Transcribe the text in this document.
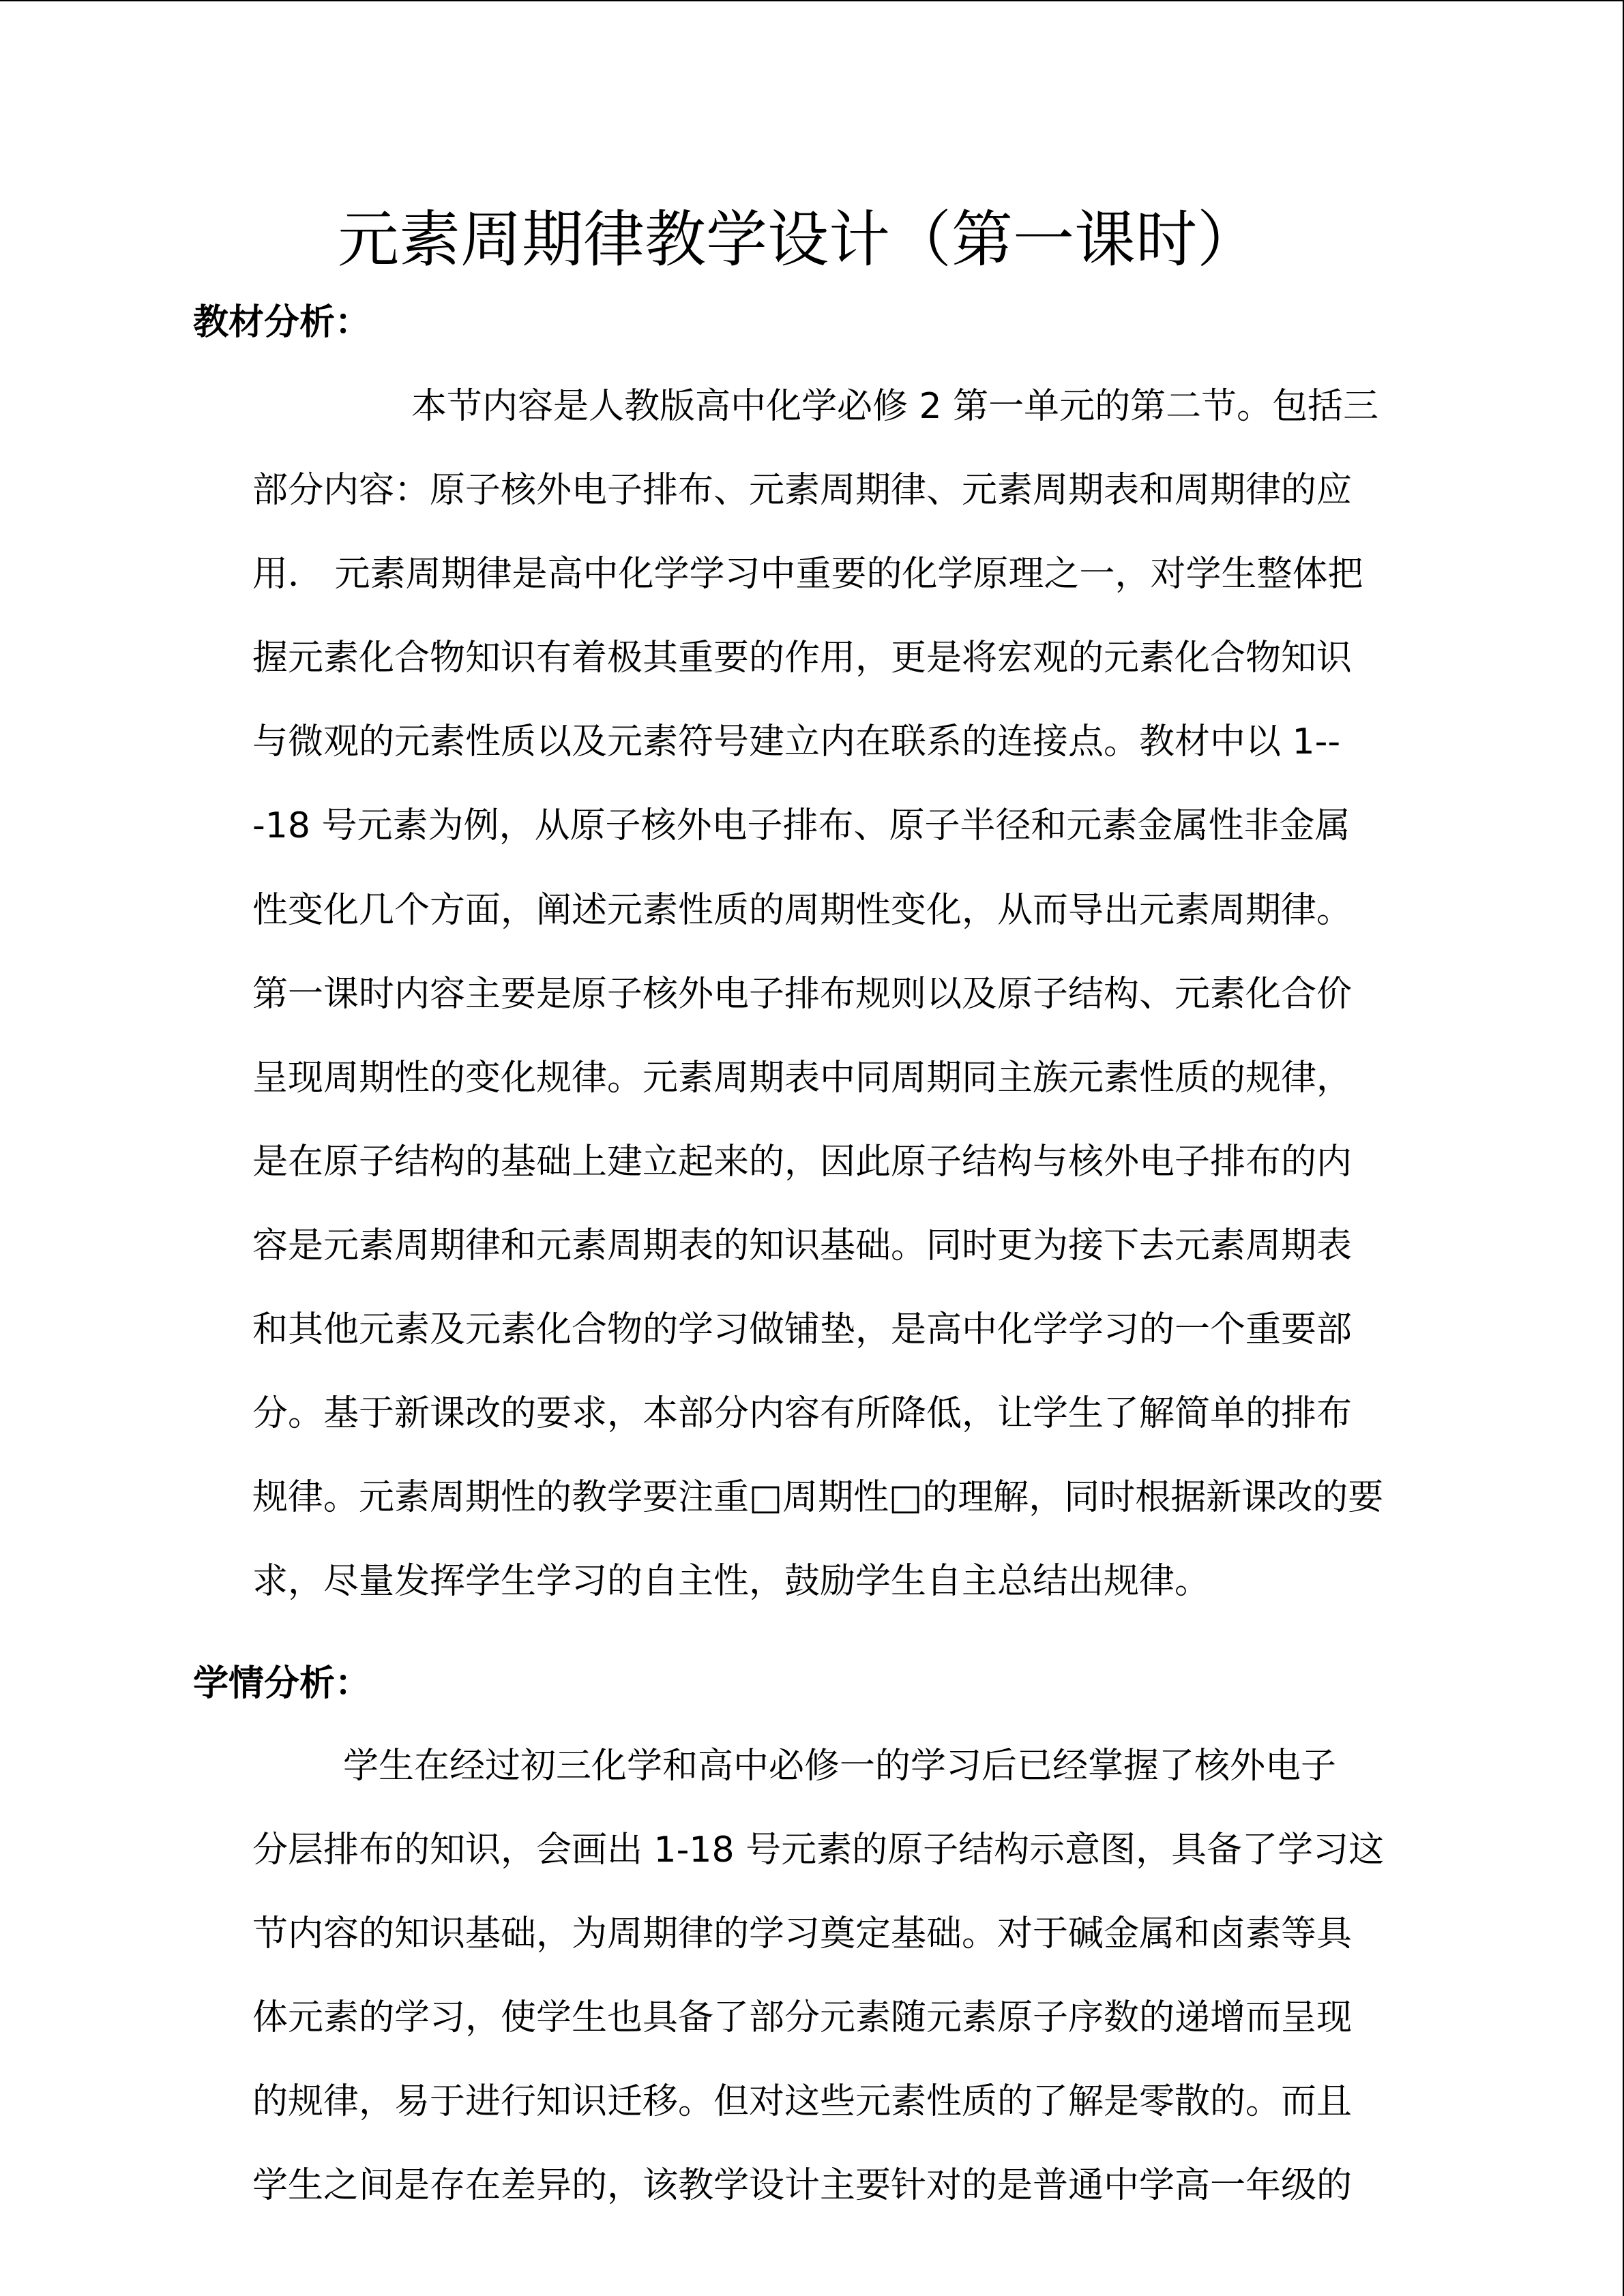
元素周期律教学设计（第一课时）
教材分析：
本节内容是人教版高中化学必修 2 第一单元的第二节。包括三
部分内容：原子核外电子排布、元素周期律、元素周期表和周期律的应
用． 元素周期律是高中化学学习中重要的化学原理之一，对学生整体把
握元素化合物知识有着极其重要的作用，更是将宏观的元素化合物知识
与微观的元素性质以及元素符号建立内在联系的连接点。教材中以 1--
-18 号元素为例，从原子核外电子排布、原子半径和元素金属性非金属
性变化几个方面，阐述元素性质的周期性变化，从而导出元素周期律。
第一课时内容主要是原子核外电子排布规则以及原子结构、元素化合价
呈现周期性的变化规律。元素周期表中同周期同主族元素性质的规律，
是在原子结构的基础上建立起来的，因此原子结构与核外电子排布的内
容是元素周期律和元素周期表的知识基础。同时更为接下去元素周期表
和其他元素及元素化合物的学习做铺垫，是高中化学学习的一个重要部
分。基于新课改的要求，本部分内容有所降低，让学生了解简单的排布
规律。元素周期性的教学要注重□周期性□的理解，同时根据新课改的要
求，尽量发挥学生学习的自主性，鼓励学生自主总结出规律。
学情分析：
学生在经过初三化学和高中必修一的学习后已经掌握了核外电子
分层排布的知识，会画出 1-18 号元素的原子结构示意图，具备了学习这
节内容的知识基础，为周期律的学习奠定基础。对于碱金属和卤素等具
体元素的学习，使学生也具备了部分元素随元素原子序数的递增而呈现
的规律，易于进行知识迁移。但对这些元素性质的了解是零散的。而且
学生之间是存在差异的，该教学设计主要针对的是普通中学高一年级的
